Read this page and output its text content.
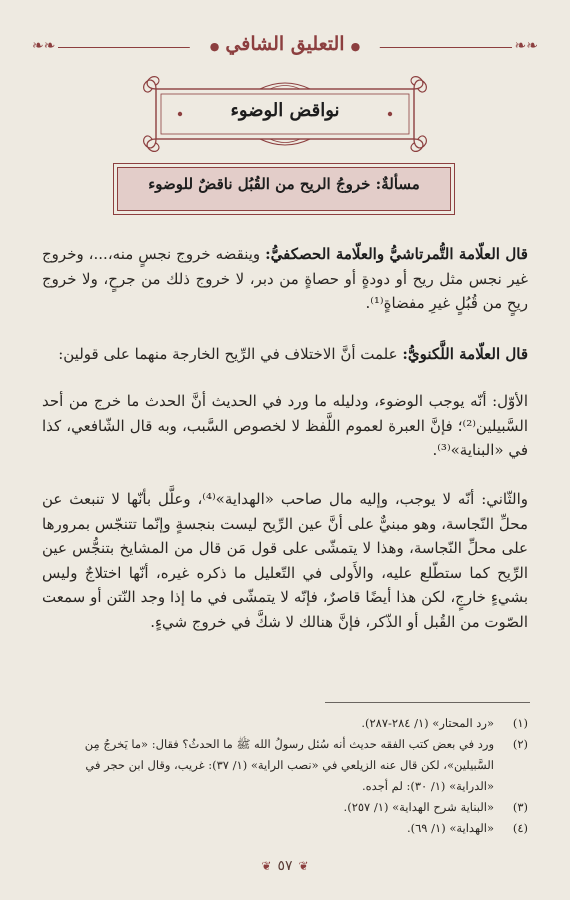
❧❧	❧❧
●التعليق الشافي●
نواقض الوضوء
مسألةٌ: خروجُ الريح من القُبُل ناقضٌ للوضوء

قال العلّامة التُّمرتاشيُّ والعلّامة الحصكفيُّ: وينقضه خروج نجسٍ منه،...، وخروج غير نجس مثل ريح أو دودةٍ أو حصاةٍ من دبر، لا خروج ذلك من جرحٍ، ولا خروج ريحٍ من قُبُلٍ غيرِ مفضاةٍ⁽¹⁾.

قال العلّامة اللَّكنويُّ: علمت أنَّ الاختلاف في الرِّيح الخارجة منهما على قولين:

الأوّل: أنّه يوجب الوضوء، ودليله ما ورد في الحديث أنَّ الحدث ما خرج من أحد السَّبيلين⁽²⁾؛ فإنَّ العبرة لعموم اللَّفظ لا لخصوص السَّبب، وبه قال الشّافعي، كذا في «البناية»⁽³⁾.

والثّاني: أنّه لا يوجب، وإليه مال صاحب «الهداية»⁽⁴⁾، وعلَّل بأنّها لا تنبعث عن محلِّ النّجاسة، وهو مبنيٌّ على أنَّ عين الرِّيح ليست بنجسةٍ وإنّما تتنجّس بمرورها على محلِّ النّجاسة، وهذا لا يتمشّى على قول مَن قال من المشايخ بتنجُّس عين الرِّيح كما ستطّلع عليه، والأَولى في التّعليل ما ذكره غيره، أنّها اختلاجٌ وليس بشيءٍ خارجٍ، لكن هذا أيضًا قاصرٌ، فإنّه لا يتمشّى في ما إذا وجد النّتن أو سمعت الصّوت من القُبل أو الذّكر، فإنَّ هنالك لا شكَّ في خروج شيءٍ.

(١)
«رد المحتار» (١/ ٢٨٤-٢٨٧).
(٢)
ورد في بعض كتب الفقه حديث أنه سُئل رسولُ الله ﷺ ما الحدثُ؟ فقال: «ما يَخرجُ مِن السَّبيلين»، لكن قال عنه الزيلعي في «نصب الراية» (١/ ٣٧): غريب، وقال ابن حجر في «الدراية» (١/ ٣٠): لم أجده.
(٣)
«البناية شرح الهداية» (١/ ٢٥٧).
(٤)
«الهداية» (١/ ٦٩).
❦٥٧❦
